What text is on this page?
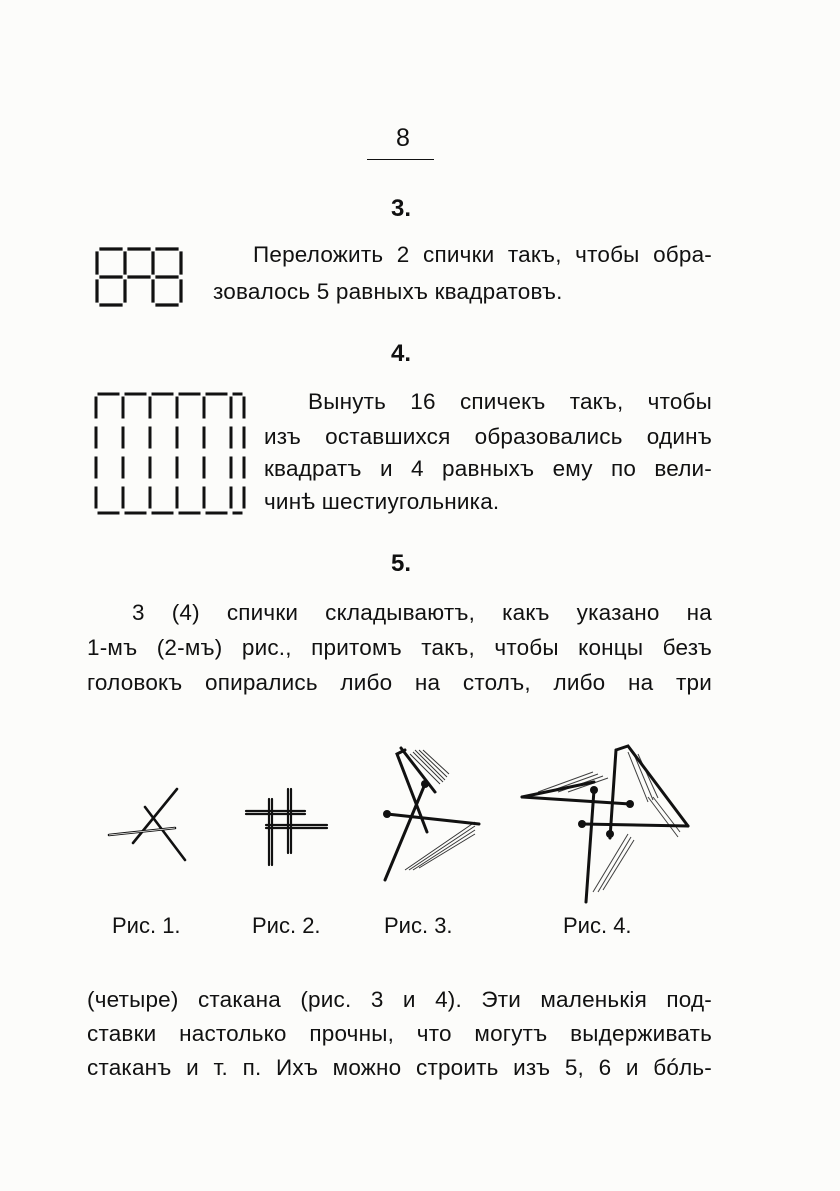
8
3.
Переложить 2 спички такъ, чтобы обра-
зовалось 5 равныхъ квадратовъ.
4.
Вынуть 16 спичекъ такъ, чтобы
изъ оставшихся образовались одинъ
квадратъ и 4 равныхъ ему по вели-
чинѣ шестиугольника.
5.
3 (4) спички складываютъ, какъ указано на
1-мъ (2-мъ) рис., притомъ такъ, чтобы концы безъ
головокъ опирались либо на столъ, либо на три
Рис. 1.	Рис. 2.	Рис. 3.	Рис. 4.
(четыре) стакана (рис. 3 и 4). Эти маленькія под-
ставки настолько прочны, что могутъ выдерживать
стаканъ и т. п. Ихъ можно строить изъ 5, 6 и бóль-
